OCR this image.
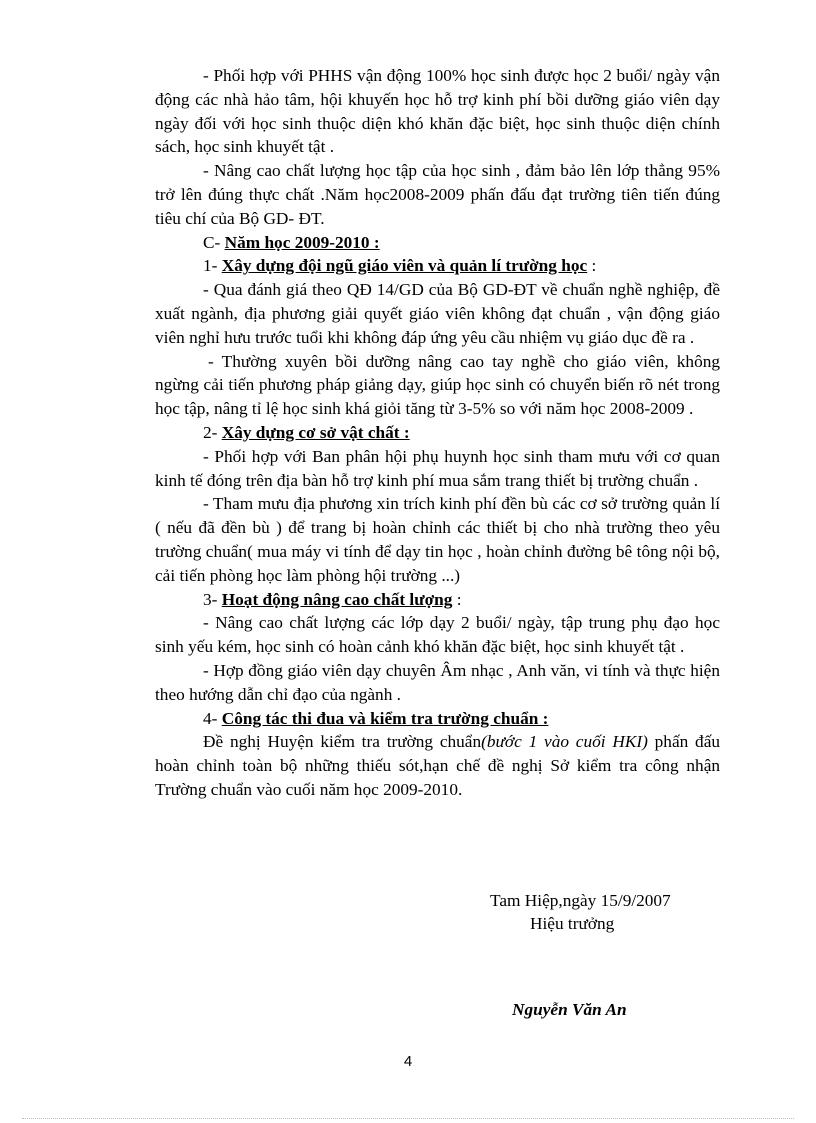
- Phối hợp với PHHS vận động 100% học sinh được học 2 buổi/ ngày vận động các nhà hảo tâm, hội khuyến học hỗ trợ kinh phí bồi dưỡng giáo viên dạy ngày đối với học sinh thuộc diện khó khăn đặc biệt, học sinh thuộc diện chính sách, học sinh khuyết tật .

- Nâng cao chất lượng học tập của học sinh , đảm bảo lên lớp thẳng 95% trở lên đúng thực chất .Năm học2008-2009 phấn đấu đạt trường tiên tiến đúng tiêu chí của Bộ GD- ĐT.

C- Năm học 2009-2010 :

1- Xây dựng đội ngũ giáo viên và quản lí trường học :

- Qua đánh giá theo QĐ 14/GD của Bộ GD-ĐT về chuẩn nghề nghiệp, đề xuất ngành, địa phương giải quyết giáo viên không đạt chuẩn , vận động giáo viên nghỉ hưu trước tuổi khi không đáp ứng yêu cầu nhiệm vụ giáo dục đề ra .

- Thường xuyên bồi dưỡng nâng cao tay nghề cho giáo viên, không ngừng cải tiến phương pháp giảng dạy, giúp học sinh có chuyển biến rõ nét trong học tập, nâng tỉ lệ học sinh khá giỏi tăng từ 3-5% so với năm học 2008-2009 .

2- Xây dựng cơ sở vật chất :

- Phối hợp với Ban phân hội phụ huynh học sinh tham mưu với cơ quan kinh tế đóng trên địa bàn hỗ trợ kinh phí mua sắm trang thiết bị trường chuẩn .

- Tham mưu địa phương xin trích kinh phí đền bù các cơ sở trường quản lí ( nếu đã đền bù ) để trang bị hoàn chỉnh các thiết bị cho nhà trường theo yêu trường chuẩn( mua máy vi tính để dạy tin học , hoàn chỉnh đường bê tông nội bộ, cải tiến phòng học làm phòng hội trường ...)

3- Hoạt động nâng cao chất lượng :

- Nâng cao chất lượng các lớp dạy 2 buổi/ ngày, tập trung phụ đạo học sinh yếu kém, học sinh có hoàn cảnh khó khăn đặc biệt, học sinh khuyết tật .

- Hợp đồng giáo viên dạy chuyên Âm nhạc , Anh văn, vi tính và thực hiện theo hướng dẫn chỉ đạo của ngành .

4- Công tác thi đua và kiểm tra trường chuẩn :

Đề nghị Huyện kiểm tra trường chuẩn(bước 1 vào cuối HKI) phấn đấu hoàn chỉnh toàn bộ những thiếu sót,hạn chế đề nghị Sở kiểm tra công nhận Trường chuẩn vào cuối năm học 2009-2010.

Tam Hiệp,ngày 15/9/2007

Hiệu trưởng

Nguyễn Văn An
4
